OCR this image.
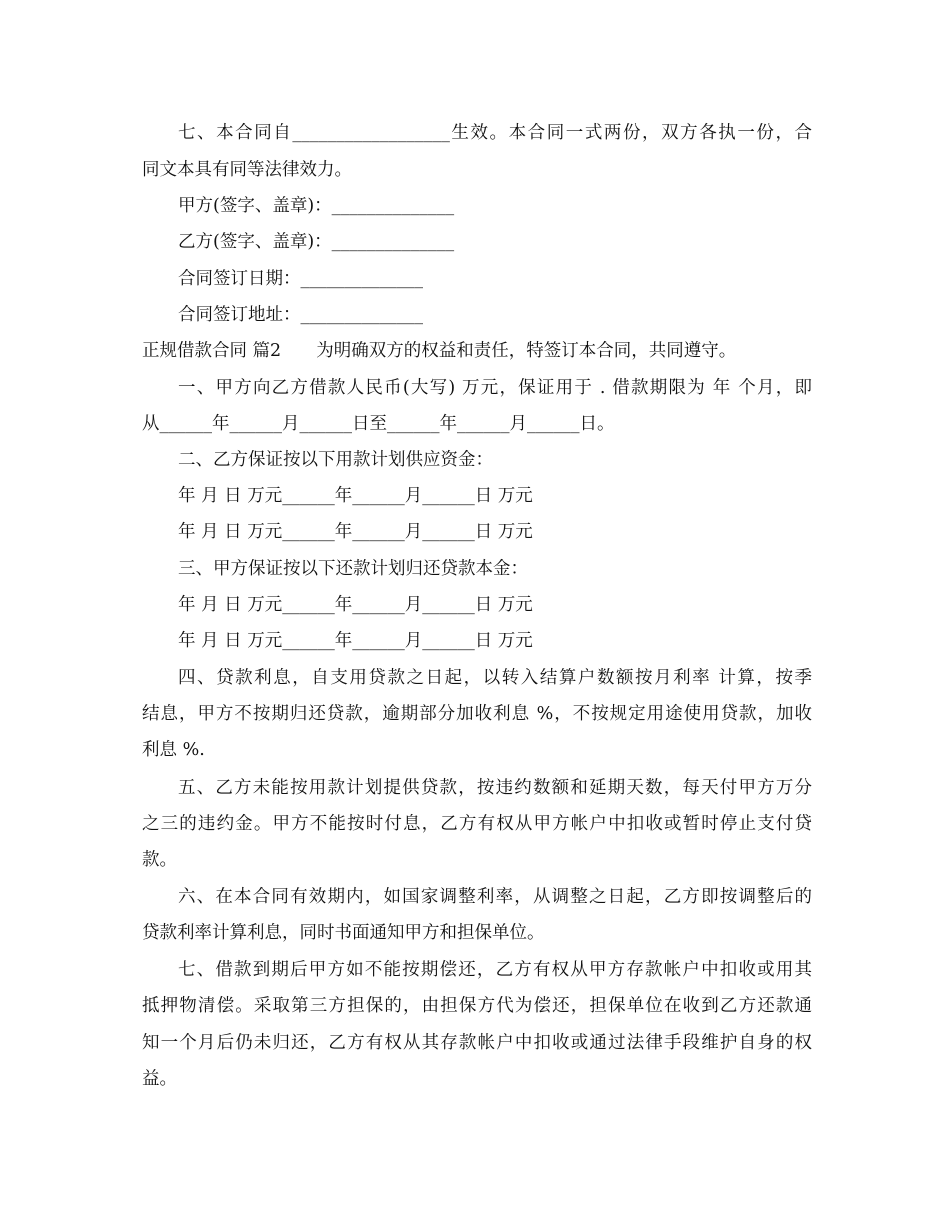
七、本合同自__________________生效。本合同一式两份，双方各执一份，合
同文本具有同等法律效力。
甲方(签字、盖章)：______________
乙方(签字、盖章)：______________
合同签订日期：______________
合同签订地址：______________
正规借款合同 篇2　　为明确双方的权益和责任，特签订本合同，共同遵守。
一、甲方向乙方借款人民币(大写) 万元，保证用于 . 借款期限为 年 个月，即
从______年______月______日至______年______月______日。
二、乙方保证按以下用款计划供应资金：
年 月 日 万元______年______月______日 万元
年 月 日 万元______年______月______日 万元
三、甲方保证按以下还款计划归还贷款本金：
年 月 日 万元______年______月______日 万元
年 月 日 万元______年______月______日 万元
四、贷款利息，自支用贷款之日起，以转入结算户数额按月利率 计算，按季
结息，甲方不按期归还贷款，逾期部分加收利息 %，不按规定用途使用贷款，加收
利息 %.
五、乙方未能按用款计划提供贷款，按违约数额和延期天数，每天付甲方万分
之三的违约金。甲方不能按时付息，乙方有权从甲方帐户中扣收或暂时停止支付贷
款。
六、在本合同有效期内，如国家调整利率，从调整之日起，乙方即按调整后的
贷款利率计算利息，同时书面通知甲方和担保单位。
七、借款到期后甲方如不能按期偿还，乙方有权从甲方存款帐户中扣收或用其
抵押物清偿。采取第三方担保的，由担保方代为偿还，担保单位在收到乙方还款通
知一个月后仍未归还，乙方有权从其存款帐户中扣收或通过法律手段维护自身的权
益。
